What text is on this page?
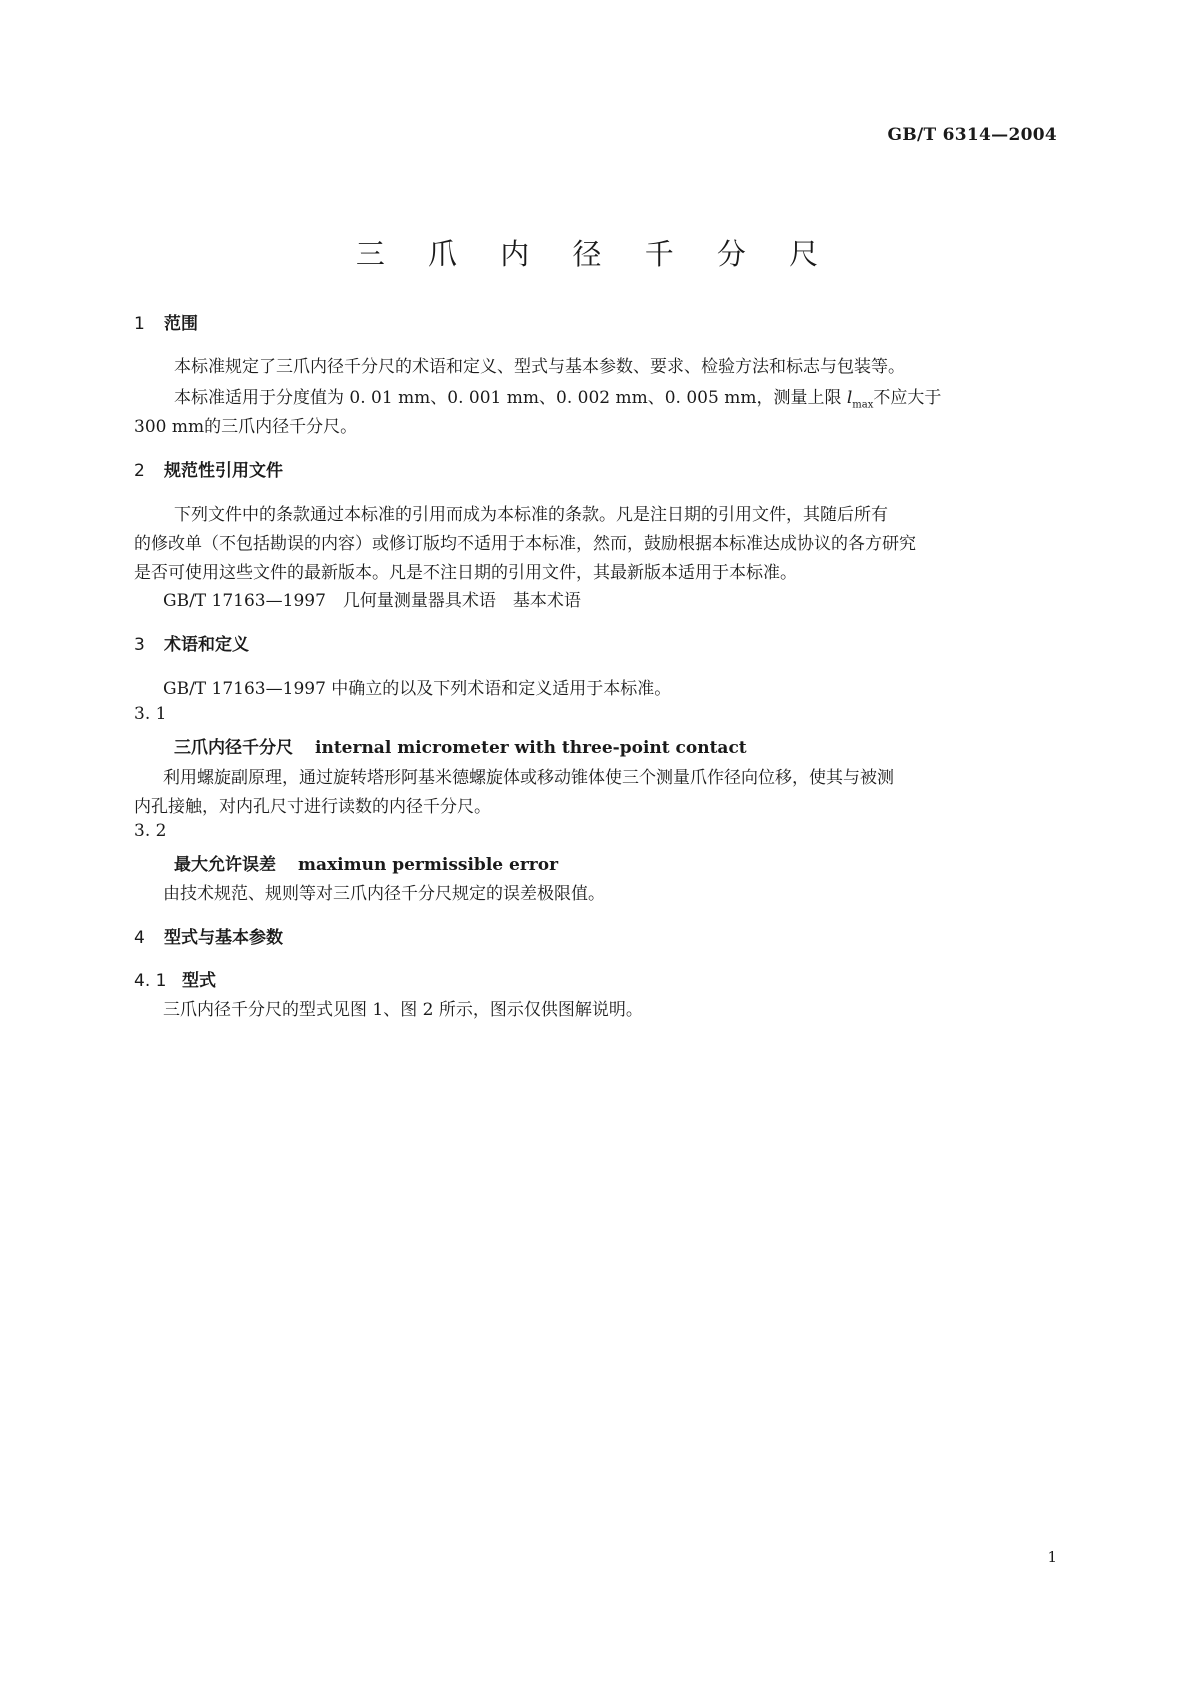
GB/T 6314—2004
三 爪 内 径 千 分 尺
1 范围
本标准规定了三爪内径千分尺的术语和定义、型式与基本参数、要求、检验方法和标志与包装等。
本标准适用于分度值为 0. 01 mm、0. 001 mm、0. 002 mm、0. 005 mm，测量上限 $l_{max}$不应大于
300 mm的三爪内径千分尺。
2 规范性引用文件
下列文件中的条款通过本标准的引用而成为本标准的条款。凡是注日期的引用文件，其随后所有
的修改单（不包括勘误的内容）或修订版均不适用于本标准，然而，鼓励根据本标准达成协议的各方研究
是否可使用这些文件的最新版本。凡是不注日期的引用文件，其最新版本适用于本标准。
GB/T 17163—1997　几何量测量器具术语　基本术语
3 术语和定义
GB/T 17163—1997 中确立的以及下列术语和定义适用于本标准。
3. 1
三爪内径千分尺 internal micrometer with three-point contact
利用螺旋副原理，通过旋转塔形阿基米德螺旋体或移动锥体使三个测量爪作径向位移，使其与被测
内孔接触，对内孔尺寸进行读数的内径千分尺。
3. 2
最大允许误差 maximun permissible error
由技术规范、规则等对三爪内径千分尺规定的误差极限值。
4 型式与基本参数
4. 1 型式
三爪内径千分尺的型式见图 1、图 2 所示，图示仅供图解说明。
1
